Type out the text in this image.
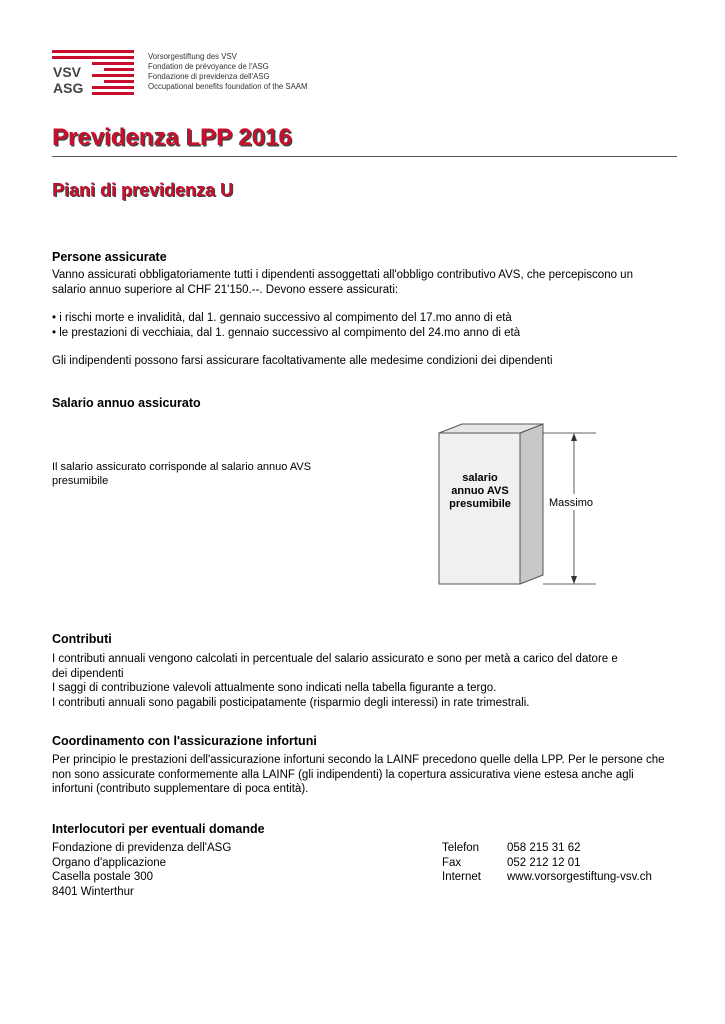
VSV
ASG
Vorsorgestiftung des VSV
Fondation de prévoyance de l'ASG
Fondazione di previdenza dell'ASG
Occupational benefits foundation of the SAAM
Previdenza LPP 2016
Piani di previdenza U
Persone assicurate
Vanno assicurati obbligatoriamente tutti i dipendenti assoggettati all'obbligo contributivo AVS, che percepiscono un
salario annuo superiore al CHF 21'150.--. Devono essere assicurati:
• i rischi morte e invalidità, dal 1. gennaio successivo al compimento del 17.mo anno di età
• le prestazioni di vecchiaia, dal 1. gennaio successivo al compimento del 24.mo anno di età
Gli indipendenti possono farsi assicurare facoltativamente alle medesime condizioni dei dipendenti
Salario annuo assicurato
Il salario assicurato corrisponde al salario annuo AVS
presumibile	salario
annuo AVS
presumibile	Massimo
Contributi
I contributi annuali vengono calcolati in percentuale del salario assicurato e sono per metà a carico del datore e
dei dipendenti
I saggi di contribuzione valevoli attualmente sono indicati nella tabella figurante a tergo.
I contributi annuali sono pagabili posticipatamente (risparmio degli interessi) in rate trimestrali.
Coordinamento con l'assicurazione infortuni
Per principio le prestazioni dell'assicurazione infortuni secondo la LAINF precedono quelle della LPP. Per le persone che
non sono assicurate conformemente alla LAINF (gli indipendenti) la copertura assicurativa viene estesa anche agli
infortuni (contributo supplementare di poca entità).
Interlocutori per eventuali domande
Fondazione di previdenza dell'ASG
Organo d'applicazione
Casella postale 300
8401 Winterthur
Telefon	058 215 31 62
Fax	052 212 12 01
Internet	www.vorsorgestiftung-vsv.ch
